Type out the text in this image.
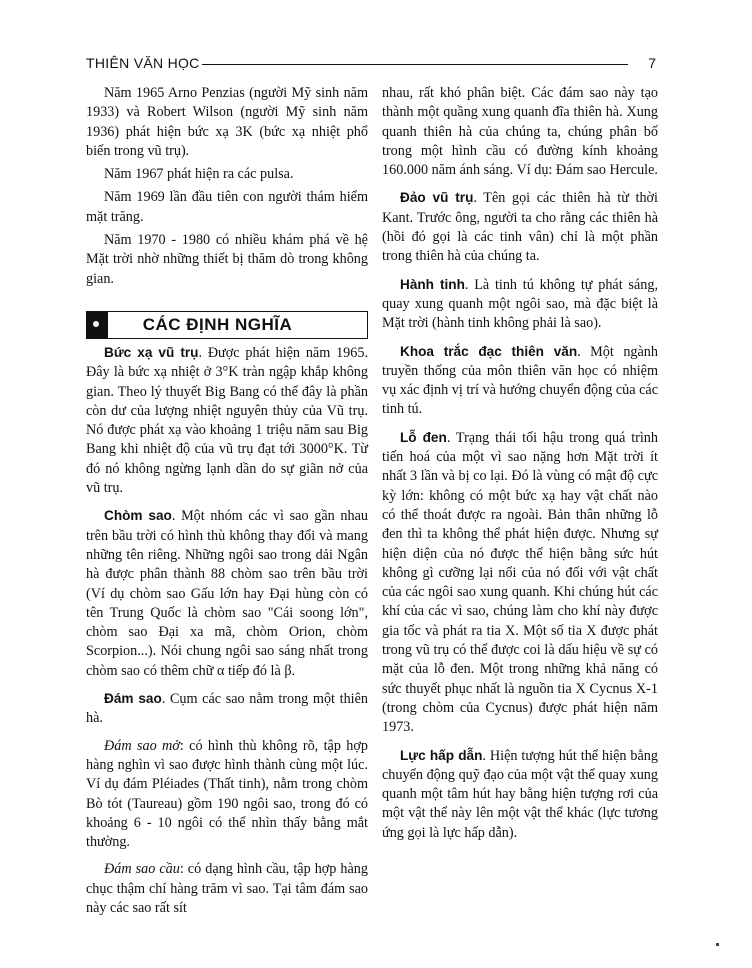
THIÊN VĂN HỌC	7

Năm 1965 Arno Penzias (người Mỹ sinh năm 1933) và Robert Wilson (người Mỹ sinh năm 1936) phát hiện bức xạ 3K (bức xạ nhiệt phổ biến trong vũ trụ).

Năm 1967 phát hiện ra các pulsa.

Năm 1969 lần đầu tiên con người thám hiểm mặt trăng.

Năm 1970 - 1980 có nhiều khám phá về hệ Mặt trời nhờ những thiết bị thăm dò trong không gian.

CÁC ĐỊNH NGHĨA

Bức xạ vũ trụ. Được phát hiện năm 1965. Đây là bức xạ nhiệt ở 3°K tràn ngập khắp không gian. Theo lý thuyết Big Bang có thể đây là phần còn dư của lượng nhiệt nguyên thủy của Vũ trụ. Nó được phát xạ vào khoảng 1 triệu năm sau Big Bang khi nhiệt độ của vũ trụ đạt tới 3000°K. Từ đó nó không ngừng lạnh dần do sự giãn nở của vũ trụ.

Chòm sao. Một nhóm các vì sao gần nhau trên bầu trời có hình thù không thay đổi và mang những tên riêng. Những ngôi sao trong dải Ngân hà được phân thành 88 chòm sao trên bầu trời (Ví dụ chòm sao Gấu lớn hay Đại hùng còn có tên Trung Quốc là chòm sao "Cái soong lớn", chòm sao Đại xa mã, chòm Orion, chòm Scorpion...). Nói chung ngôi sao sáng nhất trong chòm sao có thêm chữ α tiếp đó là β.

Đám sao. Cụm các sao nằm trong một thiên hà.

Đám sao mở: có hình thù không rõ, tập hợp hàng nghìn vì sao được hình thành cùng một lúc. Ví dụ đám Pléiades (Thất tinh), nằm trong chòm Bò tót (Taureau) gồm 190 ngôi sao, trong đó có khoảng 6 - 10 ngôi có thể nhìn thấy bằng mắt thường.

Đám sao cầu: có dạng hình cầu, tập hợp hàng chục thậm chí hàng trăm vì sao. Tại tâm đám sao này các sao rất sít

nhau, rất khó phân biệt. Các đám sao này tạo thành một quầng xung quanh đĩa thiên hà. Xung quanh thiên hà của chúng ta, chúng phân bố trong một hình cầu có đường kính khoảng 160.000 năm ánh sáng. Ví dụ: Đám sao Hercule.

Đảo vũ trụ. Tên gọi các thiên hà từ thời Kant. Trước ông, người ta cho rằng các thiên hà (hồi đó gọi là các tinh vân) chỉ là một phần trong thiên hà của chúng ta.

Hành tinh. Là tinh tú không tự phát sáng, quay xung quanh một ngôi sao, mà đặc biệt là Mặt trời (hành tinh không phải là sao).

Khoa trắc đạc thiên văn. Một ngành truyền thống của môn thiên văn học có nhiệm vụ xác định vị trí và hướng chuyển động của các tinh tú.

Lỗ đen. Trạng thái tối hậu trong quá trình tiến hoá của một vì sao nặng hơn Mặt trời ít nhất 3 lần và bị co lại. Đó là vùng có mật độ cực kỳ lớn: không có một bức xạ hay vật chất nào có thể thoát được ra ngoài. Bản thân những lỗ đen thì ta không thể phát hiện được. Nhưng sự hiện diện của nó được thể hiện bằng sức hút không gì cưỡng lại nổi của nó đối với vật chất của các ngôi sao xung quanh. Khi chúng hút các khí của các vì sao, chúng làm cho khí này được gia tốc và phát ra tia X. Một số tia X được phát trong vũ trụ có thể được coi là dấu hiệu về sự có mặt của lỗ đen. Một trong những khả năng có sức thuyết phục nhất là nguồn tia X Cycnus X-1 (trong chòm của Cycnus) được phát hiện năm 1973.

Lực hấp dẫn. Hiện tượng hút thể hiện bằng chuyển động quỹ đạo của một vật thể quay xung quanh một tâm hút hay bằng hiện tượng rơi của một vật thể này lên một vật thể khác (lực tương ứng gọi là lực hấp dẫn).
